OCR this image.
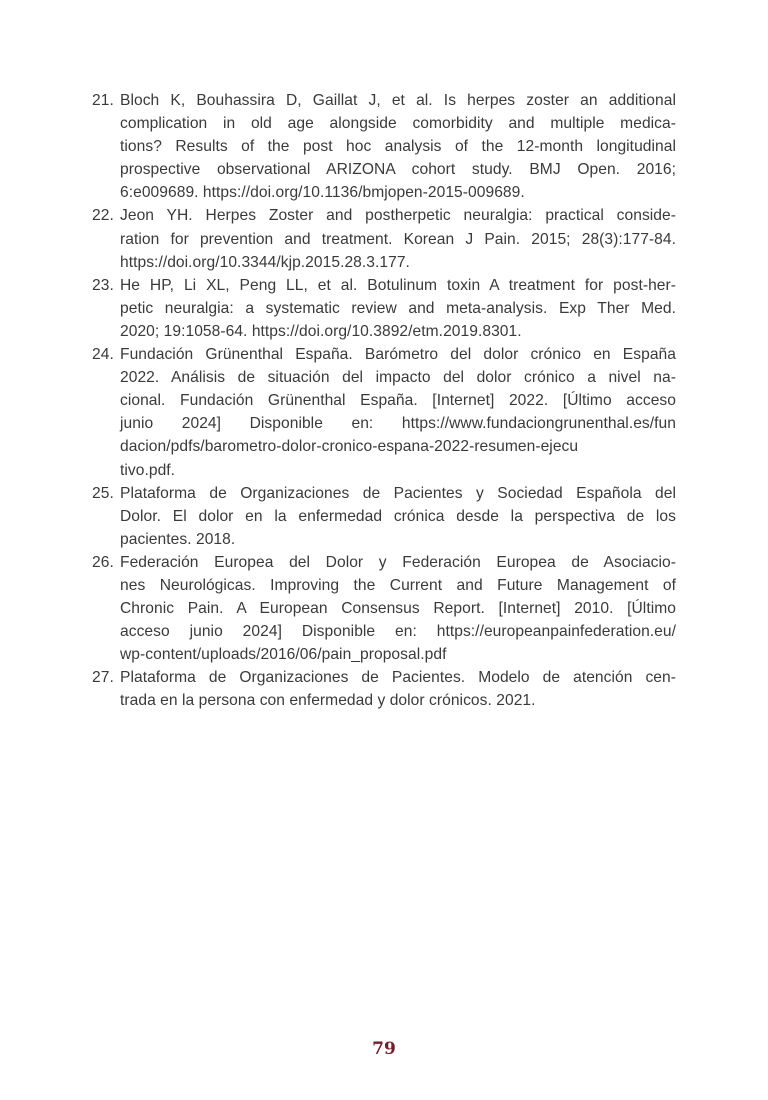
21. Bloch K, Bouhassira D, Gaillat J, et al. Is herpes zoster an additional
complication in old age alongside comorbidity and multiple medica-
tions? Results of the post hoc analysis of the 12-month longitudinal
prospective observational ARIZONA cohort study. BMJ Open. 2016;
6:e009689. https://doi.org/10.1136/bmjopen-2015-009689.
22. Jeon YH. Herpes Zoster and postherpetic neuralgia: practical conside-
ration for prevention and treatment. Korean J Pain. 2015; 28(3):177-84.
https://doi.org/10.3344/kjp.2015.28.3.177.
23. He HP, Li XL, Peng LL, et al. Botulinum toxin A treatment for post-her-
petic neuralgia: a systematic review and meta-analysis. Exp Ther Med.
2020; 19:1058-64. https://doi.org/10.3892/etm.2019.8301.
24. Fundación Grünenthal España. Barómetro del dolor crónico en España
2022. Análisis de situación del impacto del dolor crónico a nivel na-
cional. Fundación Grünenthal España. [Internet] 2022. [Último acceso
junio 2024] Disponible en: https://www.fundaciongrunenthal.es/fun
dacion/pdfs/barometro-dolor-cronico-espana-2022-resumen-ejecu
tivo.pdf.
25. Plataforma de Organizaciones de Pacientes y Sociedad Española del
Dolor. El dolor en la enfermedad crónica desde la perspectiva de los
pacientes. 2018.
26. Federación Europea del Dolor y Federación Europea de Asociacio-
nes Neurológicas. Improving the Current and Future Management of
Chronic Pain. A European Consensus Report. [Internet] 2010. [Último
acceso junio 2024] Disponible en: https://europeanpainfederation.eu/
wp-content/uploads/2016/06/pain_proposal.pdf
27. Plataforma de Organizaciones de Pacientes. Modelo de atención cen-
trada en la persona con enfermedad y dolor crónicos. 2021.
79
